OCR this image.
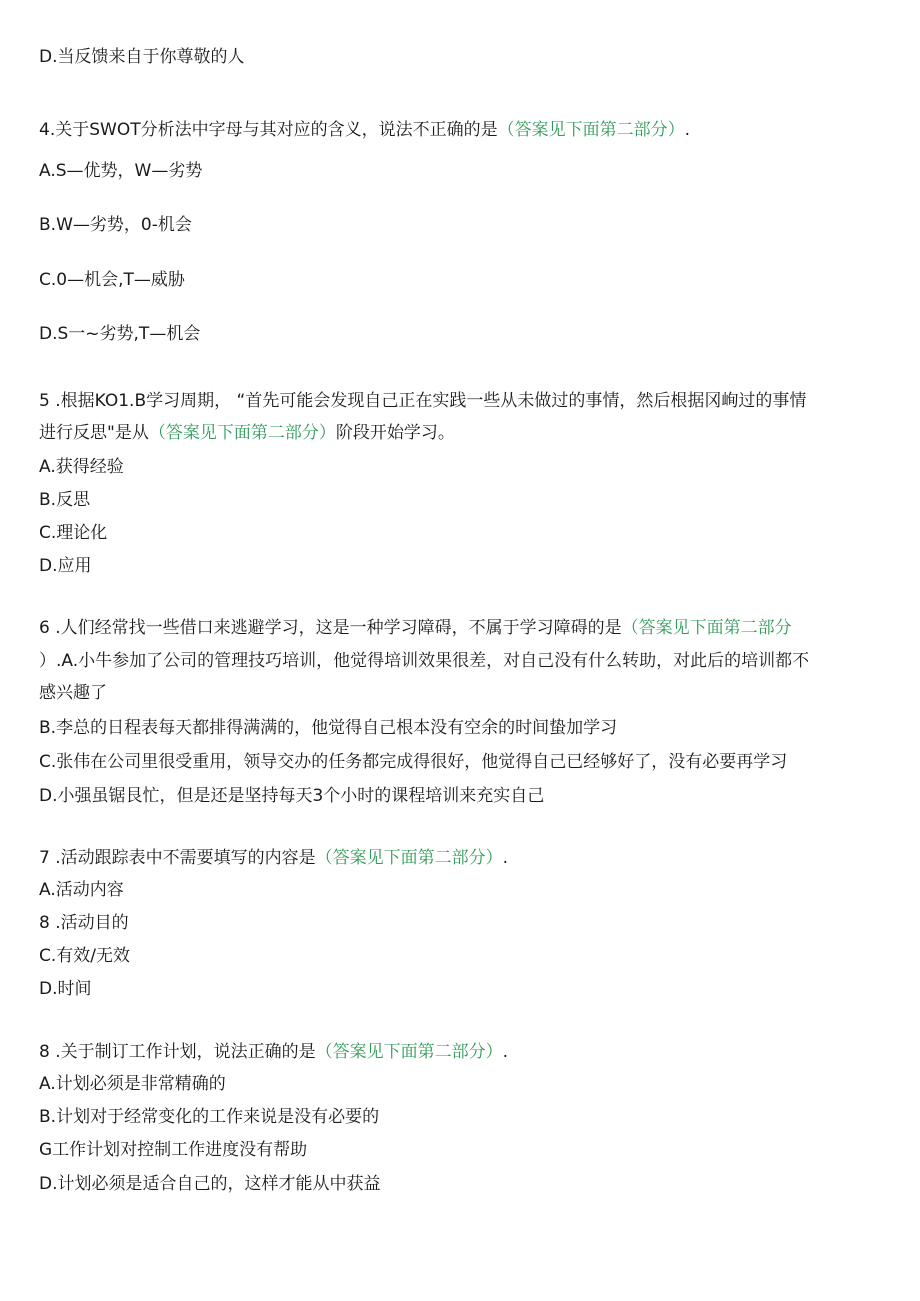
D.当反馈来自于你尊敬的人
4.关于SWOT分析法中字母与其对应的含义，说法不正确的是（答案见下面第二部分）.
A.S—优势，W—劣势
B.W—劣势，0-机会
C.0—机会,T—威胁
D.S一~劣势,T—机会
5 .根据KO1.B学习周期， “首先可能会发现自己正在实践一些从未做过的事情，然后根据冈峋过的事情
进行反思"是从（答案见下面第二部分）阶段开始学习。
A.获得经验
B.反思
C.理论化
D.应用
6 .人们经常找一些借口来逃避学习，这是一种学习障碍，不属于学习障碍的是（答案见下面第二部分
）.A.小牛参加了公司的管理技巧培训，他觉得培训效果很差，对自己没有什么转助，对此后的培训都不
感兴趣了
B.李总的日程表每天都排得满满的，他觉得自己根本没有空余的时间蛰加学习
C.张伟在公司里很受重用，领导交办的任务都完成得很好，他觉得自己已经够好了，没有必要再学习
D.小强虽锯艮忙，但是还是坚持每天3个小时的课程培训来充实自己
7 .活动跟踪表中不需要填写的内容是（答案见下面第二部分）.
A.活动内容
8 .活动目的
C.有效/无效
D.时间
8 .关于制订工作计划，说法正确的是（答案见下面第二部分）.
A.计划必须是非常精确的
B.计划对于经常变化的工作来说是没有必要的
G工作计划对控制工作进度没有帮助
D.计划必须是适合自己的，这样才能从中获益
